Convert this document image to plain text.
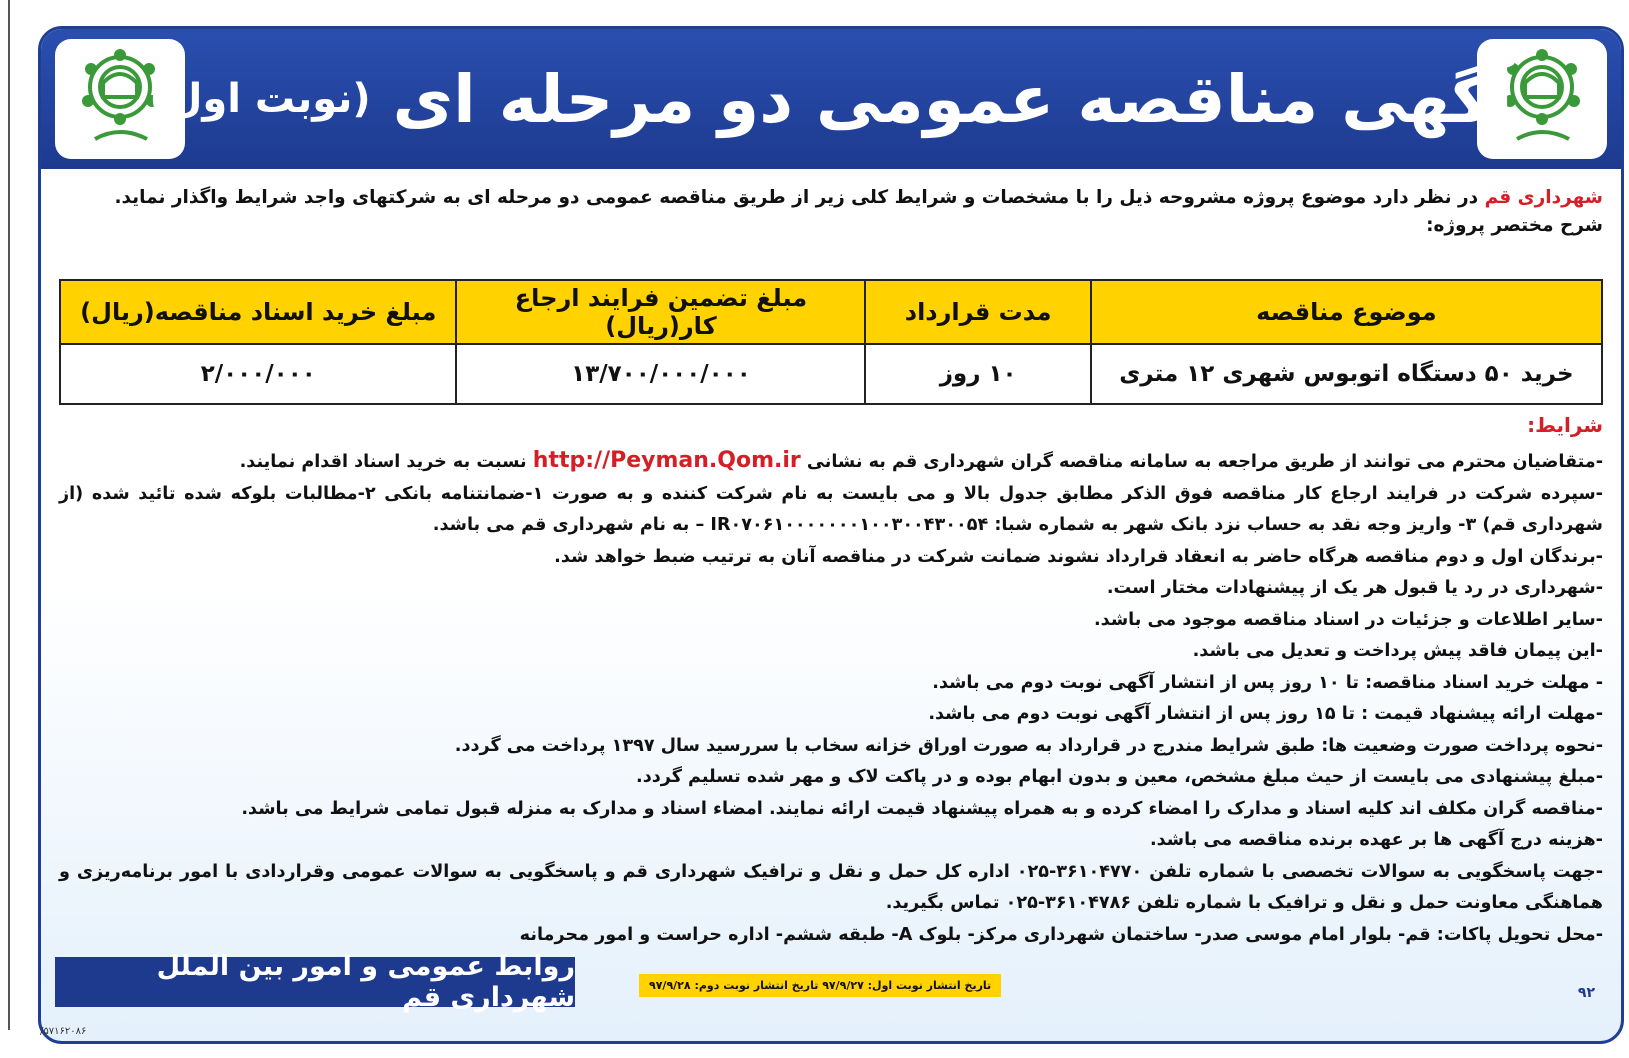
آگهی مناقصه عمومی دو مرحله ای
(نوبت اول)

شهرداری قم در نظر دارد موضوع پروژه مشروحه ذیل را با مشخصات و شرایط کلی زیر از طریق مناقصه عمومی دو مرحله ای به شرکتهای واجد شرایط واگذار نماید.

شرح مختصر پروژه:

موضوع مناقصه	مدت قرارداد	مبلغ تضمین فرایند ارجاع کار(ریال)	مبلغ خرید اسناد مناقصه(ریال)
خرید ۵۰ دستگاه اتوبوس شهری ۱۲ متری	۱۰ روز	۱۳/۷۰۰/۰۰۰/۰۰۰	۲/۰۰۰/۰۰۰

شرایط:

-متقاضیان محترم می توانند از طریق مراجعه به سامانه مناقصه گران شهرداری قم به نشانی http://Peyman.Qom.ir نسبت به خرید اسناد اقدام نمایند.
-سپرده شرکت در فرایند ارجاع کار مناقصه فوق الذکر مطابق جدول بالا و می بایست به نام شرکت کننده و به صورت ۱-ضمانتنامه بانکی ۲-مطالبات بلوکه شده تائید شده (از شهرداری قم) ۳- واریز وجه نقد به حساب نزد بانک شهر به شماره شبا: IR۰۷۰۶۱۰۰۰۰۰۰۰۱۰۰۳۰۰۴۳۰۰۵۴ – به نام شهرداری قم می باشد.
-برندگان اول و دوم مناقصه هرگاه حاضر به انعقاد قرارداد نشوند ضمانت شرکت در مناقصه آنان به ترتیب ضبط خواهد شد.
-شهرداری در رد یا قبول هر یک از پیشنهادات مختار است.
-سایر اطلاعات و جزئیات در اسناد مناقصه موجود می باشد.
-این پیمان فاقد پیش پرداخت و تعدیل می باشد.
- مهلت خرید اسناد مناقصه: تا ۱۰ روز پس از انتشار آگهی نوبت دوم می باشد.
-مهلت ارائه پیشنهاد قیمت : تا ۱۵ روز پس از انتشار آگهی نوبت دوم می باشد.
-نحوه پرداخت صورت وضعیت ها: طبق شرایط مندرج در قرارداد به صورت اوراق خزانه سخاب با سررسید سال ۱۳۹۷ پرداخت می گردد.
-مبلغ پیشنهادی می بایست از حیث مبلغ مشخص، معین و بدون ابهام بوده و در پاکت لاک و مهر شده تسلیم گردد.
-مناقصه گران مکلف اند کلیه اسناد و مدارک را امضاء کرده و به همراه پیشنهاد قیمت ارائه نمایند. امضاء اسناد و مدارک به منزله قبول تمامی شرایط می باشد.
-هزینه درج آگهی ها بر عهده برنده مناقصه می باشد.
-جهت پاسخگویی به سوالات تخصصی با شماره تلفن ۳۶۱۰۴۷۷۰-۰۲۵ اداره کل حمل و نقل و ترافیک شهرداری قم و پاسخگویی به سوالات عمومی وقراردادی با امور برنامه‌ریزی و هماهنگی معاونت حمل و نقل و ترافیک با شماره تلفن ۳۶۱۰۴۷۸۶-۰۲۵ تماس بگیرید.
-محل تحویل پاکات: قم- بلوار امام موسی صدر- ساختمان شهرداری مرکز- بلوک A- طبقه ششم- اداره حراست و امور محرمانه
روابط عمومی و امور بین الملل شهرداری قم	تاریخ انتشار نوبت اول: ۹۷/۹/۲۷ تاریخ انتشار نوبت دوم: ۹۷/۹/۲۸	۹۲
/۵۷۱۶۲۰۸۶
